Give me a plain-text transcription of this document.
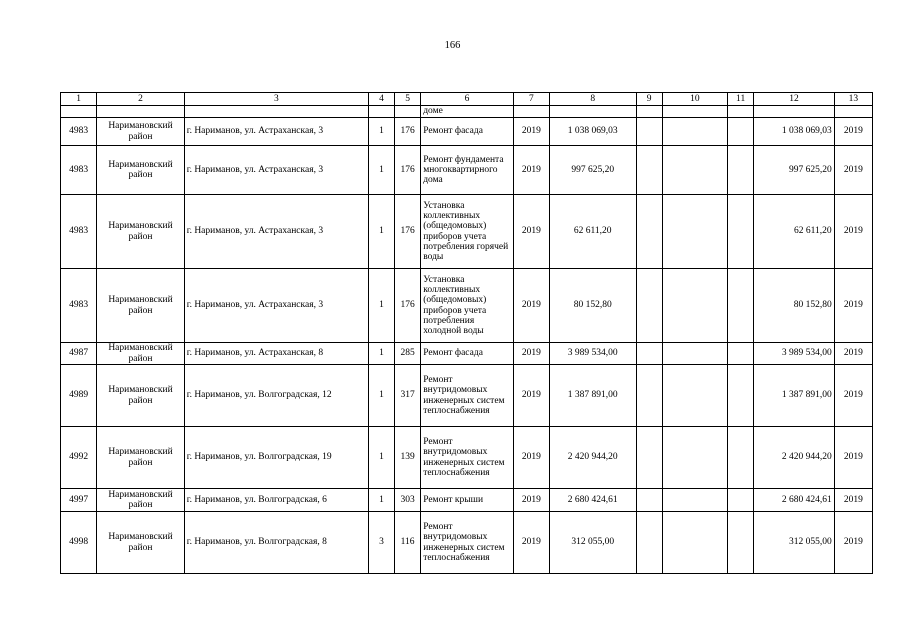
166
1	2	3	4	5	6	7	8	9	10	11	12	13
					доме							
4983	Наримановский район	г. Нариманов, ул. Астраханская, 3	1	176	Ремонт фасада	2019	1 038 069,03				1 038 069,03	2019
4983	Наримановский район	г. Нариманов, ул. Астраханская, 3	1	176	Ремонт фундамента многоквартирного дома	2019	997 625,20				997 625,20	2019
4983	Наримановский район	г. Нариманов, ул. Астраханская, 3	1	176	Установка коллективных (общедомовых) приборов учета потребления горячей воды	2019	62 611,20				62 611,20	2019
4983	Наримановский район	г. Нариманов, ул. Астраханская, 3	1	176	Установка коллективных (общедомовых) приборов учета потребления холодной воды	2019	80 152,80				80 152,80	2019
4987	Наримановский район	г. Нариманов, ул. Астраханская, 8	1	285	Ремонт фасада	2019	3 989 534,00				3 989 534,00	2019
4989	Наримановский район	г. Нариманов, ул. Волгоградская, 12	1	317	Ремонт внутридомовых инженерных систем теплоснабжения	2019	1 387 891,00				1 387 891,00	2019
4992	Наримановский район	г. Нариманов, ул. Волгоградская, 19	1	139	Ремонт внутридомовых инженерных систем теплоснабжения	2019	2 420 944,20				2 420 944,20	2019
4997	Наримановский район	г. Нариманов, ул. Волгоградская, 6	1	303	Ремонт крыши	2019	2 680 424,61				2 680 424,61	2019
4998	Наримановский район	г. Нариманов, ул. Волгоградская, 8	3	116	Ремонт внутридомовых инженерных систем теплоснабжения	2019	312 055,00				312 055,00	2019
